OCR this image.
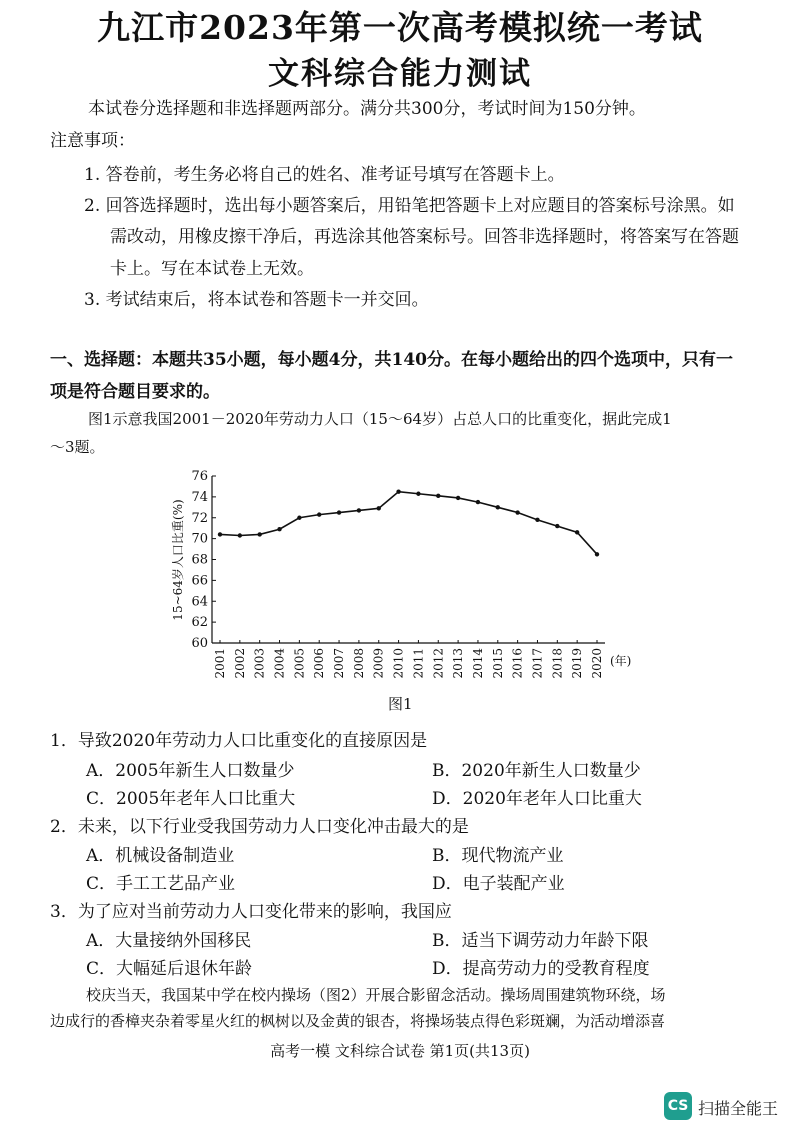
九江市2023年第一次高考模拟统一考试
文科综合能力测试
本试卷分选择题和非选择题两部分。满分共300分，考试时间为150分钟。
注意事项：
1. 答卷前，考生务必将自己的姓名、准考证号填写在答题卡上。
2. 回答选择题时，选出每小题答案后，用铅笔把答题卡上对应题目的答案标号涂黑。如
需改动，用橡皮擦干净后，再选涂其他答案标号。回答非选择题时，将答案写在答题
卡上。写在本试卷上无效。
3. 考试结束后，将本试卷和答题卡一并交回。
一、选择题：本题共35小题，每小题4分，共140分。在每小题给出的四个选项中，只有一
项是符合题目要求的。
图1示意我国2001－2020年劳动力人口（15～64岁）占总人口的比重变化，据此完成1
～3题。
60
62
64
66
68
70
72
74
76
2001 2002 2003 2004 2005 2006 2007 2008 2009 2010 2011 2012 2013 2014 2015 2016 2017 2018 2019 2020
15~64岁人口比重(%)
(年)
图1
1．导致2020年劳动力人口比重变化的直接原因是
A．2005年新生人口数量少	B．2020年新生人口数量少
C．2005年老年人口比重大	D．2020年老年人口比重大
2．未来，以下行业受我国劳动力人口变化冲击最大的是
A．机械设备制造业	B．现代物流产业
C．手工工艺品产业	D．电子装配产业
3．为了应对当前劳动力人口变化带来的影响，我国应
A．大量接纳外国移民	B．适当下调劳动力年龄下限
C．大幅延后退休年龄	D．提高劳动力的受教育程度
校庆当天，我国某中学在校内操场（图2）开展合影留念活动。操场周围建筑物环绕，场
边成行的香樟夹杂着零星火红的枫树以及金黄的银杏，将操场装点得色彩斑斓，为活动增添喜
高考一模 文科综合试卷 第1页(共13页)
CS 扫描全能王
